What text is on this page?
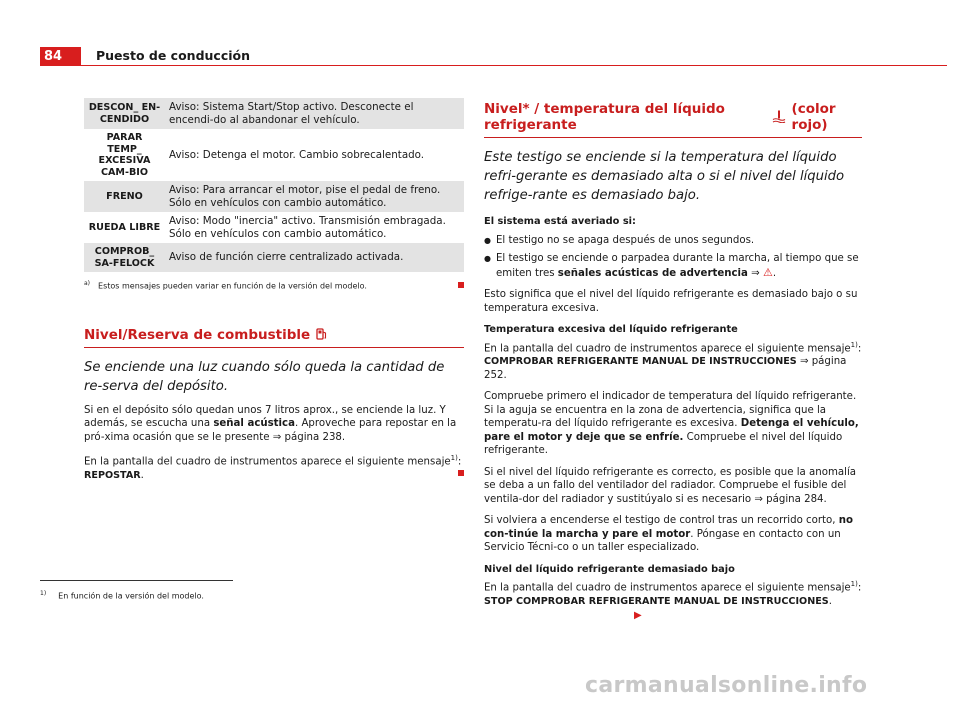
84	Puesto de conducción
DESCON_ EN-CENDIDO	Aviso: Sistema Start/Stop activo. Desconecte el encendi-do al abandonar el vehículo.
PARAR TEMP_ EXCESIVA CAM-BIO	Aviso: Detenga el motor. Cambio sobrecalentado.
FRENO	Aviso: Para arrancar el motor, pise el pedal de freno. Sólo en vehículos con cambio automático.
RUEDA LIBRE	Aviso: Modo "inercia" activo. Transmisión embragada. Sólo en vehículos con cambio automático.
COMPROB_ SA-FELOCK	Aviso de función cierre centralizado activada.
$^{a)}$ Estos mensajes pueden variar en función de la versión del modelo.
Nivel/Reserva de combustible
Se enciende una luz cuando sólo queda la cantidad de re-serva del depósito.
Si en el depósito sólo quedan unos 7 litros aprox., se enciende la luz. Y además, se escucha una señal acústica. Aproveche para repostar en la pró-xima ocasión que se le presente ⇒ página 238.
En la pantalla del cuadro de instrumentos aparece el siguiente mensaje$^{1)}$:
REPOSTAR.
Nivel* / temperatura del líquido refrigerante
(color rojo)
Este testigo se enciende si la temperatura del líquido refri-gerante es demasiado alta o si el nivel del líquido refrige-rante es demasiado bajo.
El sistema está averiado si:
● El testigo no se apaga después de unos segundos.
● El testigo se enciende o parpadea durante la marcha, al tiempo que se emiten tres señales acústicas de advertencia ⇒ ⚠.
Esto significa que el nivel del líquido refrigerante es demasiado bajo o su temperatura excesiva.
Temperatura excesiva del líquido refrigerante
En la pantalla del cuadro de instrumentos aparece el siguiente mensaje$^{1)}$:
COMPROBAR REFRIGERANTE MANUAL DE INSTRUCCIONES ⇒ página 252.
Compruebe primero el indicador de temperatura del líquido refrigerante. Si la aguja se encuentra en la zona de advertencia, significa que la temperatu-ra del líquido refrigerante es excesiva. Detenga el vehículo, pare el motor y deje que se enfríe. Compruebe el nivel del líquido refrigerante.
Si el nivel del líquido refrigerante es correcto, es posible que la anomalía se deba a un fallo del ventilador del radiador. Compruebe el fusible del ventila-dor del radiador y sustitúyalo si es necesario ⇒ página 284.
Si volviera a encenderse el testigo de control tras un recorrido corto, no con-tinúe la marcha y pare el motor. Póngase en contacto con un Servicio Técni-co o un taller especializado.
Nivel del líquido refrigerante demasiado bajo
En la pantalla del cuadro de instrumentos aparece el siguiente mensaje$^{1)}$:
STOP COMPROBAR REFRIGERANTE MANUAL DE INSTRUCCIONES.▶
$^{1)}$ En función de la versión del modelo.
carmanualsonline.info
